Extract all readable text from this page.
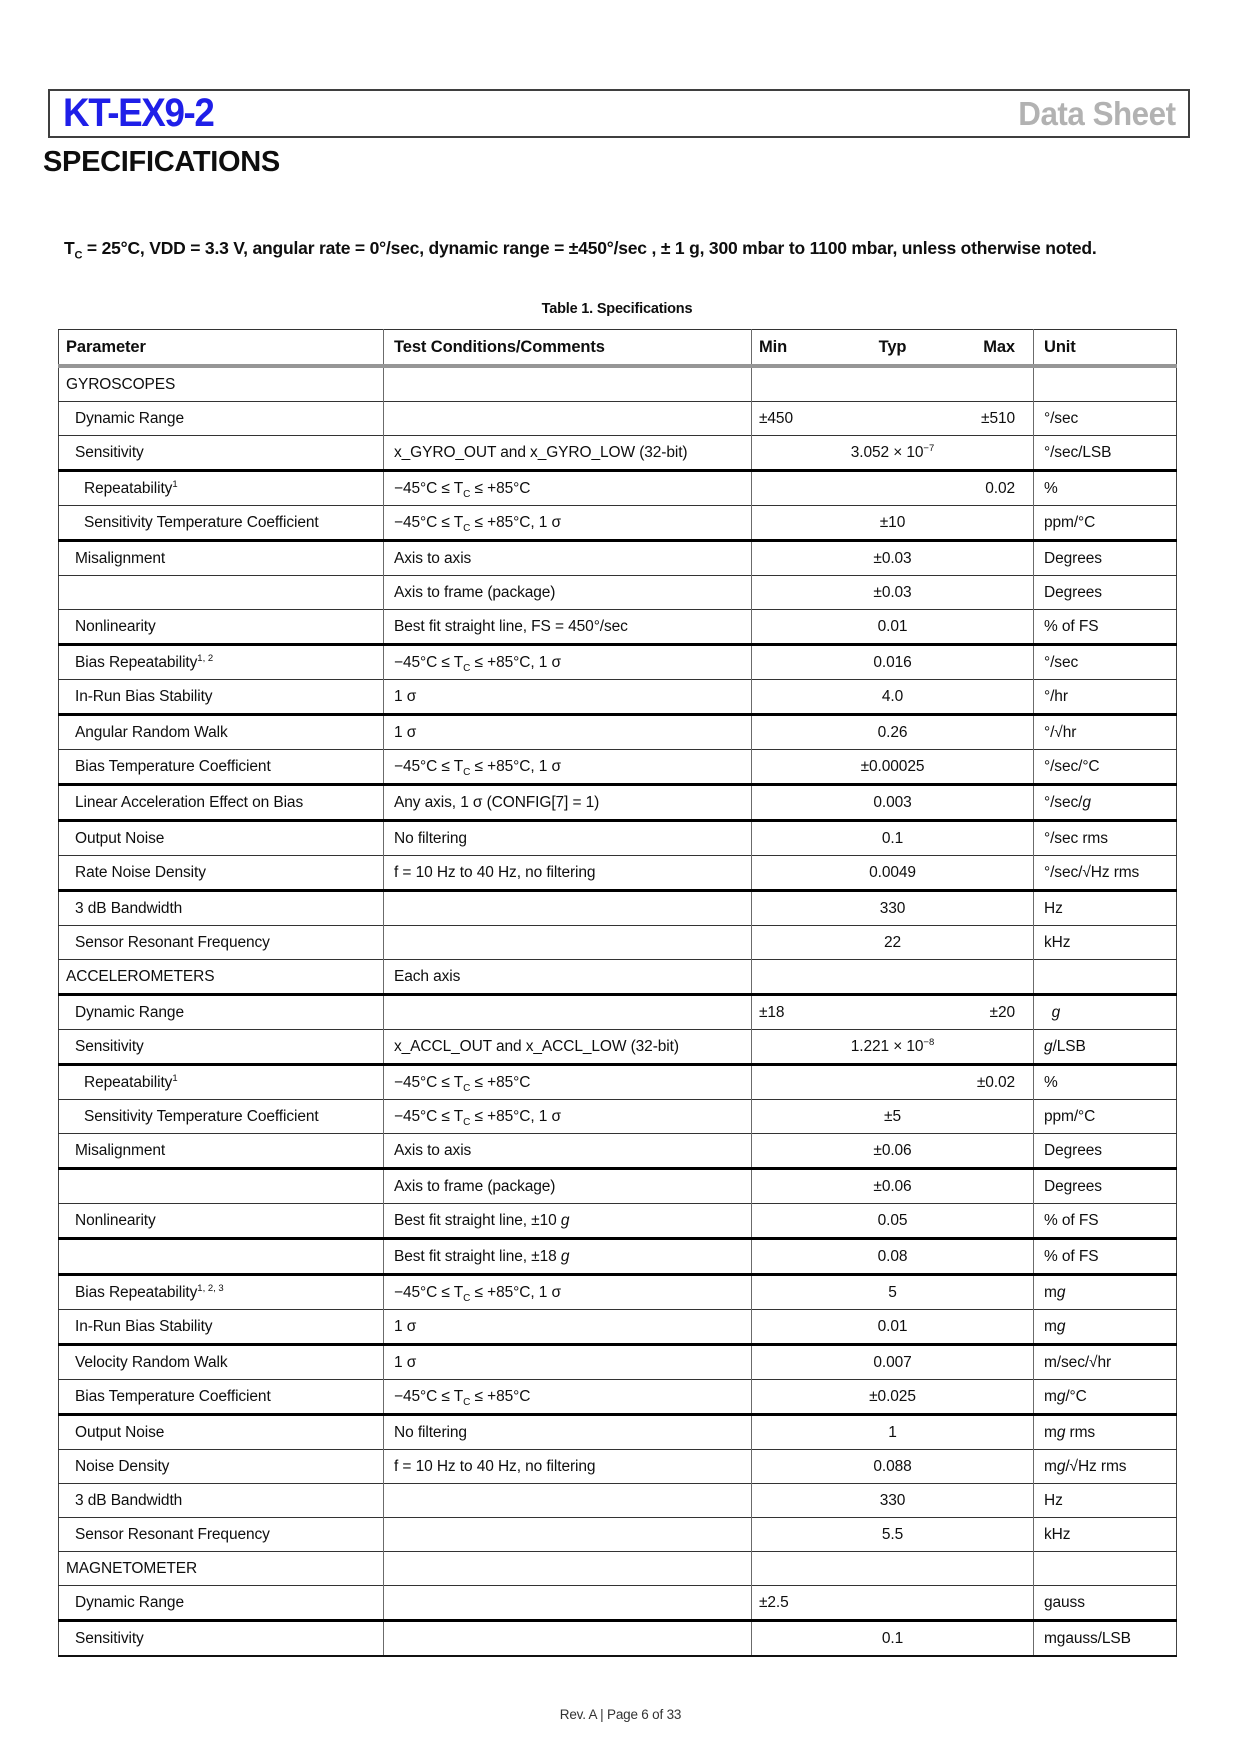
KT-EX9-2	Data Sheet
SPECIFICATIONS

$T_C = 25^\circ C$, VDD = 3.3 V, angular rate = 0°/sec, dynamic range = ±450°/sec , ± 1 g, 300 mbar to 1100 mbar, unless otherwise noted.

Table 1. Specifications
Parameter	Test Conditions/Comments	Min	Typ	Max	Unit
GYROSCOPES					
Dynamic Range		±450		±510	°/sec
Sensitivity	x_GYRO_OUT and x_GYRO_LOW (32-bit)		$3.052 \times 10^{-7}$		°/sec/LSB
Repeatability$^1$	$-45^\circ C \le T_C \le +85^\circ C$			0.02	%
Sensitivity Temperature Coefficient	$-45^\circ C \le T_C \le +85^\circ C$, 1 σ		±10		ppm/°C
Misalignment	Axis to axis		±0.03		Degrees
	Axis to frame (package)		±0.03		Degrees
Nonlinearity	Best fit straight line, FS = 450°/sec		0.01		% of FS
Bias Repeatability$^{1, 2}$	$-45^\circ C \le T_C \le +85^\circ C$, 1 σ		0.016		°/sec
In-Run Bias Stability	1 σ		4.0		°/hr
Angular Random Walk	1 σ		0.26		°/√hr
Bias Temperature Coefficient	$-45^\circ C \le T_C \le +85^\circ C$, 1 σ		±0.00025		°/sec/°C
Linear Acceleration Effect on Bias	Any axis, 1 σ (CONFIG[7] = 1)		0.003		°/sec/g
Output Noise	No filtering		0.1		°/sec rms
Rate Noise Density	f = 10 Hz to 40 Hz, no filtering		0.0049		°/sec/√Hz rms
3 dB Bandwidth			330		Hz
Sensor Resonant Frequency			22		kHz
ACCELEROMETERS	Each axis				
Dynamic Range		±18		±20	 g
Sensitivity	x_ACCL_OUT and x_ACCL_LOW (32-bit)		$1.221 \times 10^{-8}$		g/LSB
Repeatability$^1$	$-45^\circ C \le T_C \le +85^\circ C$			±0.02	%
Sensitivity Temperature Coefficient	$-45^\circ C \le T_C \le +85^\circ C$, 1 σ		±5		ppm/°C
Misalignment	Axis to axis		±0.06		Degrees
	Axis to frame (package)		±0.06		Degrees
Nonlinearity	Best fit straight line, ±10 g		0.05		% of FS
	Best fit straight line, ±18 g		0.08		% of FS
Bias Repeatability$^{1, 2, 3}$	$-45^\circ C \le T_C \le +85^\circ C$, 1 σ		5		mg
In-Run Bias Stability	1 σ		0.01		mg
Velocity Random Walk	1 σ		0.007		m/sec/√hr
Bias Temperature Coefficient	$-45^\circ C \le T_C \le +85^\circ C$		±0.025		mg/°C
Output Noise	No filtering		1		mg rms
Noise Density	f = 10 Hz to 40 Hz, no filtering		0.088		mg/√Hz rms
3 dB Bandwidth			330		Hz
Sensor Resonant Frequency			5.5		kHz
MAGNETOMETER					
Dynamic Range		±2.5			gauss
Sensitivity			0.1		mgauss/LSB
Rev. A | Page 6 of 33
